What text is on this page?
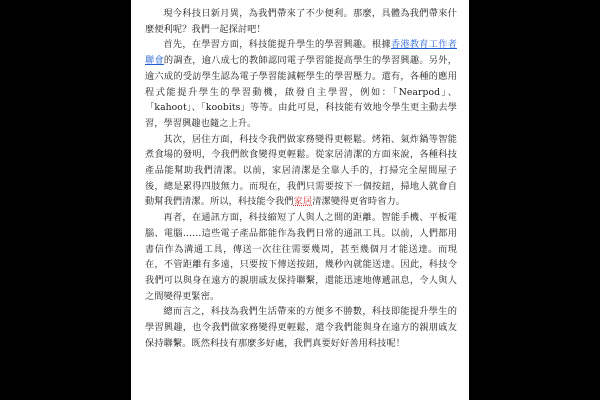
現今科技日新月異，為我們帶來了不少便利。那麼，具體為我們帶來什麼便利呢？我們一起探討吧！

首先，在學習方面，科技能提升學生的學習興趣。根據香港教育工作者聯會的調查，逾八成七的教師認同電子學習能提高學生的學習興趣。另外，逾六成的受訪學生認為電子學習能減輕學生的學習壓力。還有，各種的應用程式能提升學生的學習動機，啟發自主學習，例如：「Nearpod」、「kahoot」、「koobits」等等。由此可見，科技能有效地令學生更主動去學習，學習興趣也隨之上升。

其次，居住方面，科技令我們做家務變得更輕鬆。烤箱、氣炸鍋等智能煮食場的發明，令我們飲食變得更輕鬆。從家居清潔的方面來說，各種科技產品能幫助我們清潔。以前，家居清潔是全靠人手的，打掃完全屋間屋子後，總是累得四肢無力。而現在，我們只需要按下一個按鈕，掃地人就會自動幫我們清潔。所以，科技能令我們家居清潔變得更省時省力。

再者，在通訊方面，科技縮短了人與人之間的距離。智能手機、平板電腦、電腦……這些電子產品都能作為我們日常的通訊工具。以前，人們都用書信作為溝通工具，傳送一次往往需要幾周，甚至幾個月才能送達。而現在，不管距離有多遠，只要按下傳送按鈕，幾秒內就能送達。因此，科技令我們可以與身在遠方的親朋戚友保持聯繫，還能迅速地傳遞訊息，令人與人之間變得更緊密。

總而言之，科技為我們生活帶來的方便多不勝數，科技即能提升學生的學習興趣，也令我們做家務變得更輕鬆，還令我們能與身在遠方的親朋戚友保持聯繫。既然科技有那麼多好處，我們真要好好善用科技呢！
